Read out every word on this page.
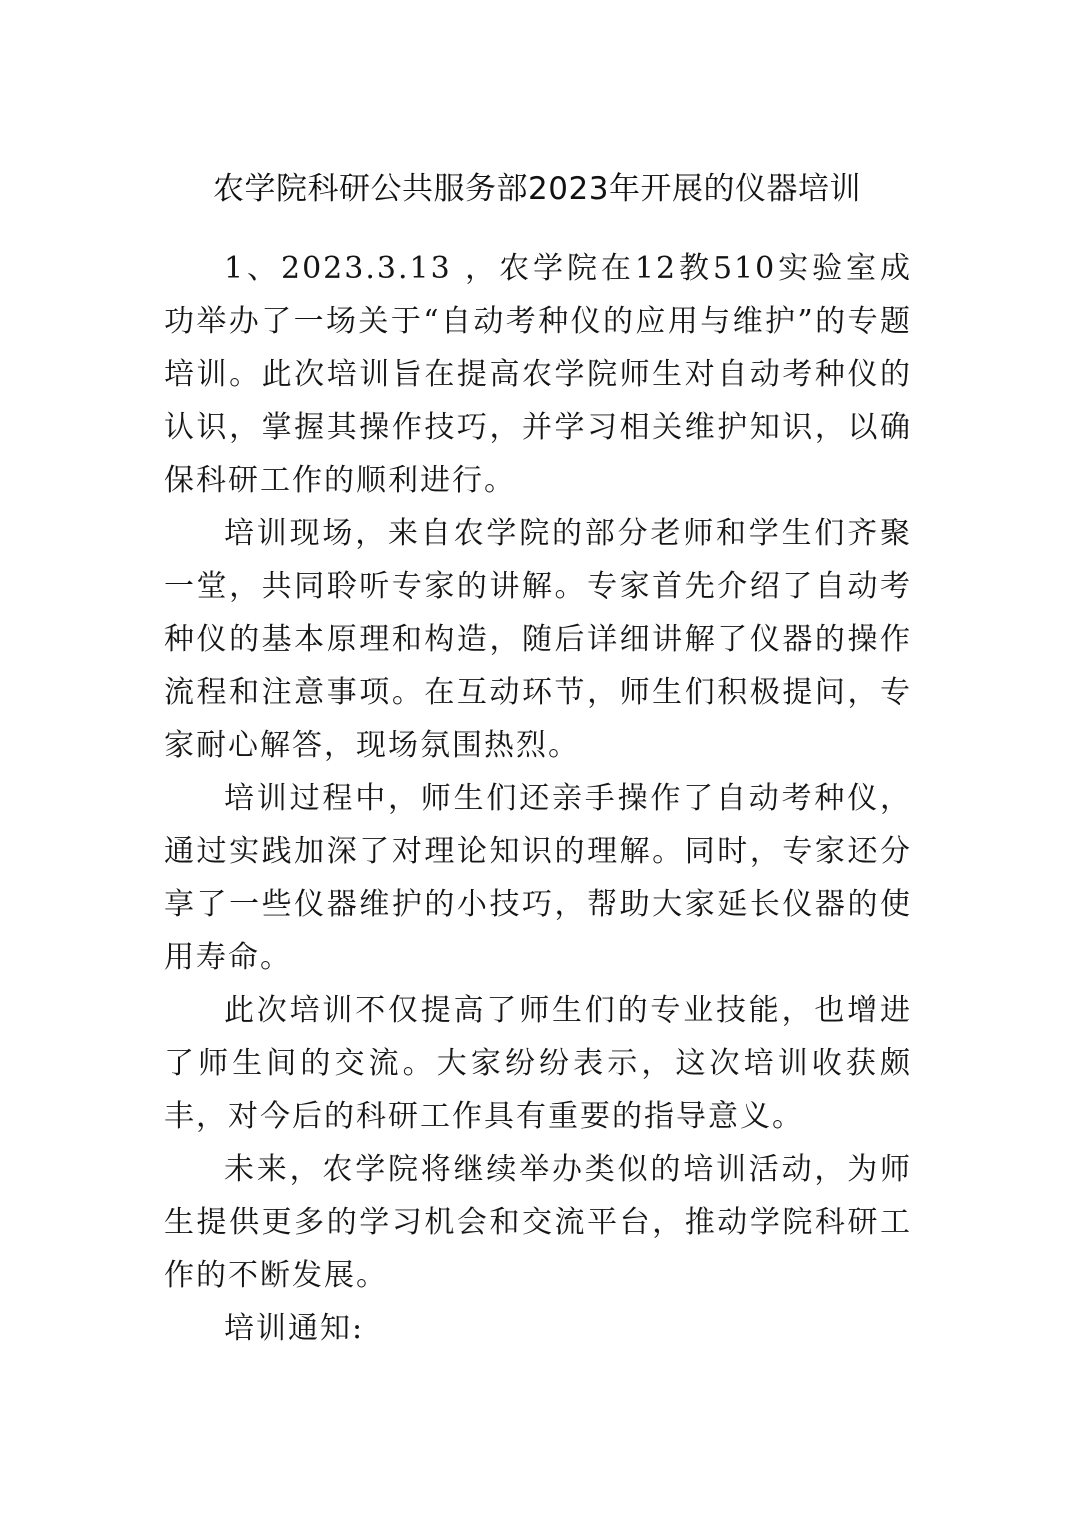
农学院科研公共服务部2023年开展的仪器培训

1、2023.3.13 ，农学院在12教510实验室成功举办了一场关于“自动考种仪的应用与维护”的专题培训。此次培训旨在提高农学院师生对自动考种仪的认识，掌握其操作技巧，并学习相关维护知识，以确保科研工作的顺利进行。

培训现场，来自农学院的部分老师和学生们齐聚一堂，共同聆听专家的讲解。专家首先介绍了自动考种仪的基本原理和构造，随后详细讲解了仪器的操作流程和注意事项。在互动环节，师生们积极提问，专家耐心解答，现场氛围热烈。

培训过程中，师生们还亲手操作了自动考种仪，通过实践加深了对理论知识的理解。同时，专家还分享了一些仪器维护的小技巧，帮助大家延长仪器的使用寿命。

此次培训不仅提高了师生们的专业技能，也增进了师生间的交流。大家纷纷表示，这次培训收获颇丰，对今后的科研工作具有重要的指导意义。

未来，农学院将继续举办类似的培训活动，为师生提供更多的学习机会和交流平台，推动学院科研工作的不断发展。

培训通知:
